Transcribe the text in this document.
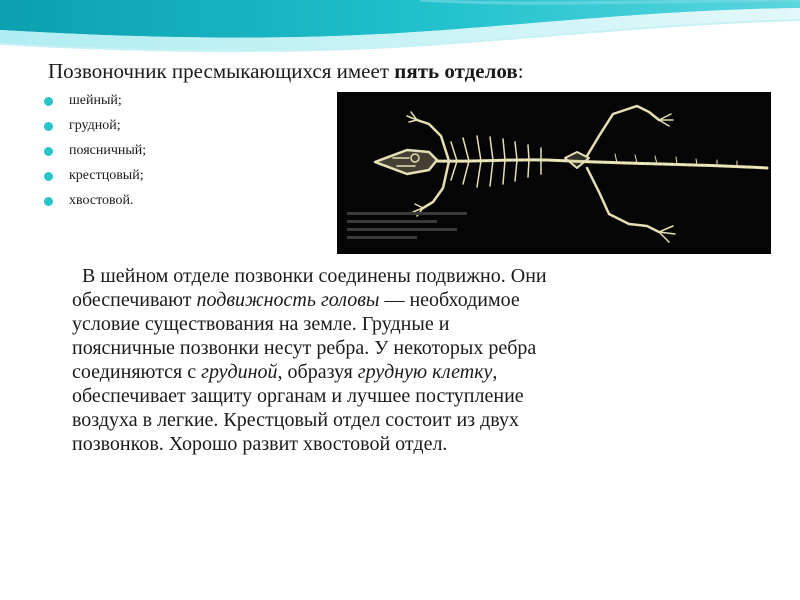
Позвоночник пресмыкающихся имеет пять отделов:
шейный;
грудной;
поясничный;
крестцовый;
хвостовой.

В шейном отделе позвонки соединены подвижно. Они

обеспечивают подвижность головы — необходимое

условие существования на земле. Грудные и

поясничные позвонки несут ребра. У некоторых ребра

соединяются с грудиной, образуя грудную клетку,

обеспечивает защиту органам и лучшее поступление

воздуха в легкие. Крестцовый отдел состоит из двух

позвонков. Хорошо развит хвостовой отдел.
